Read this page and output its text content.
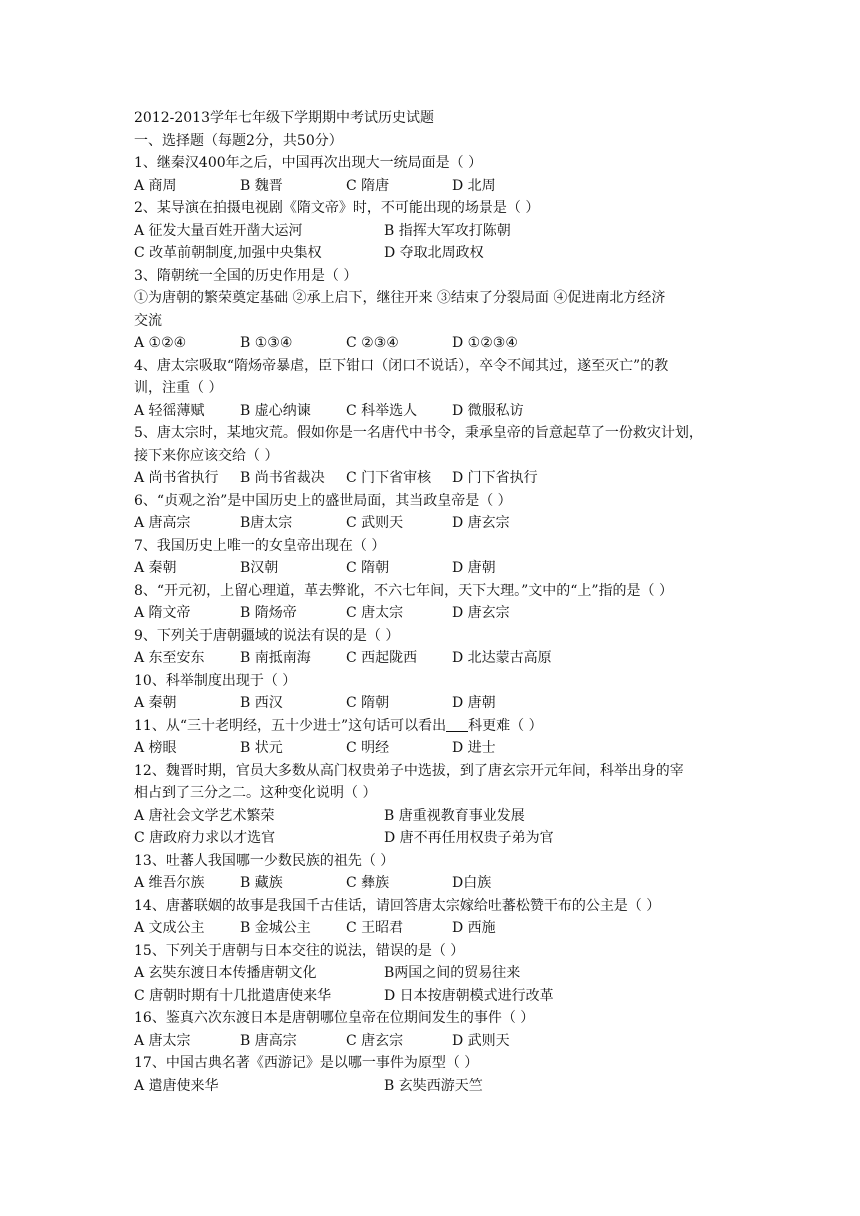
2012-2013学年七年级下学期期中考试历史试题
一、选择题（每题2分，共50分）
1、继秦汉400年之后，中国再次出现大一统局面是（ ）
A 商周	B 魏晋	C 隋唐	D 北周
2、某导演在拍摄电视剧《隋文帝》时，不可能出现的场景是（ ）
A 征发大量百姓开凿大运河	B 指挥大军攻打陈朝
C 改革前朝制度,加强中央集权	D 夺取北周政权
3、隋朝统一全国的历史作用是（ ）
①为唐朝的繁荣奠定基础 ②承上启下，继往开来 ③结束了分裂局面 ④促进南北方经济
交流
A ①②④	B ①③④	C ②③④	D ①②③④
4、唐太宗吸取“隋炀帝暴虐，臣下钳口（闭口不说话），卒令不闻其过，遂至灭亡”的教
训，注重（ ）
A 轻徭薄赋	B 虚心纳谏	C 科举选人 D 微服私访
5、唐太宗时，某地灾荒。假如你是一名唐代中书令，秉承皇帝的旨意起草了一份救灾计划，
接下来你应该交给（ ）
A 尚书省执行 B 尚书省裁决 C 门下省审核 D 门下省执行
6、“贞观之治”是中国历史上的盛世局面，其当政皇帝是（ ）
A 唐高宗	B唐太宗	C 武则天	D 唐玄宗
7、我国历史上唯一的女皇帝出现在（ ）
A 秦朝	B汉朝	C 隋朝	D 唐朝
8、“开元初，上留心理道，革去弊讹，不六七年间，天下大理。”文中的“上”指的是（ ）
A 隋文帝	B 隋炀帝	C 唐太宗	D 唐玄宗
9、下列关于唐朝疆域的说法有误的是（ ）
A 东至安东	B 南抵南海	C 西起陇西 D 北达蒙古高原
10、科举制度出现于（ ）
A 秦朝	B 西汉	C 隋朝	D 唐朝
11、从“三十老明经，五十少进士”这句话可以看出 科更难（ ）
A 榜眼	B 状元	C 明经	D 进士
12、魏晋时期，官员大多数从高门权贵弟子中选拔，到了唐玄宗开元年间，科举出身的宰
相占到了三分之二。这种变化说明（ ）
A 唐社会文学艺术繁荣	B 唐重视教育事业发展
C 唐政府力求以才选官	D 唐不再任用权贵子弟为官
13、吐蕃人我国哪一少数民族的祖先（ ）
A 维吾尔族	B 藏族	C 彝族	D白族
14、唐蕃联姻的故事是我国千古佳话，请回答唐太宗嫁给吐蕃松赞干布的公主是（ ）
A 文成公主	B 金城公主	C 王昭君	D 西施
15、下列关于唐朝与日本交往的说法，错误的是（ ）
A 玄奘东渡日本传播唐朝文化	B两国之间的贸易往来
C 唐朝时期有十几批遣唐使来华	D 日本按唐朝模式进行改革
16、鉴真六次东渡日本是唐朝哪位皇帝在位期间发生的事件（ ）
A 唐太宗	B 唐高宗	C 唐玄宗	D 武则天
17、中国古典名著《西游记》是以哪一事件为原型（ ）
A 遣唐使来华	B 玄奘西游天竺
